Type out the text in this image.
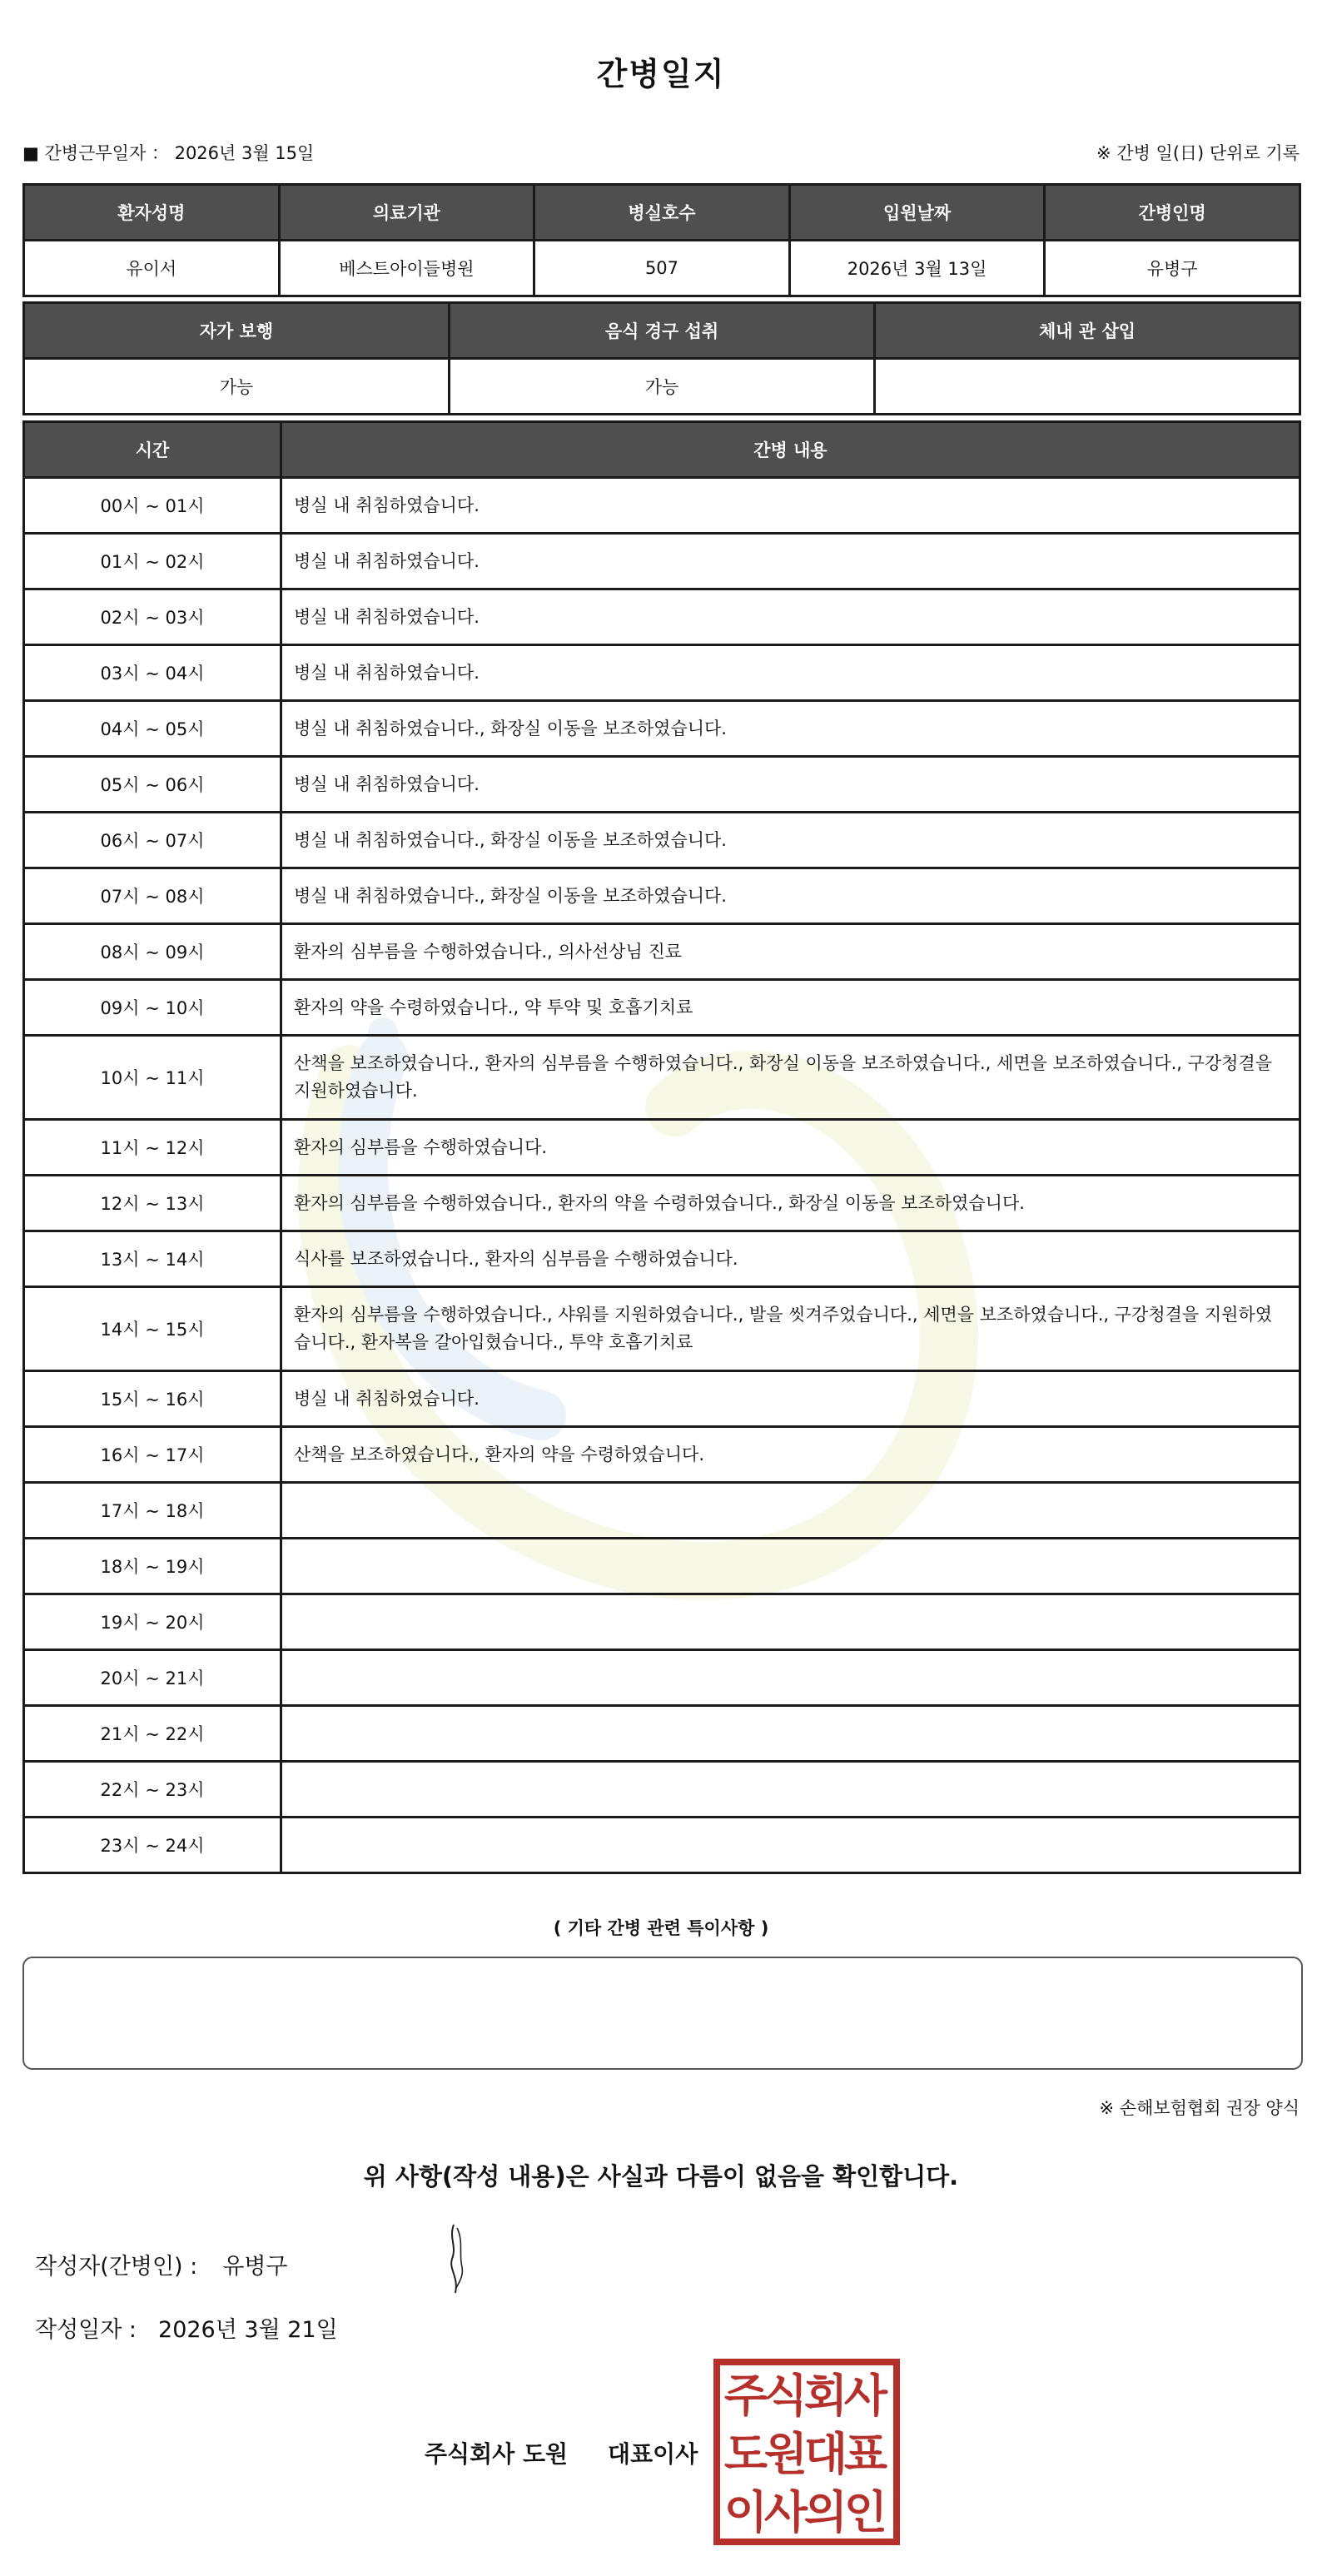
간병일지
■ 간병근무일자 ： 2026년 3월 15일	※ 간병 일(日) 단위로 기록
환자성명	의료기관	병실호수	입원날짜	간병인명
유이서	베스트아이들병원	507	2026년 3월 13일	유병구
자가 보행	음식 경구 섭취	체내 관 삽입
가능	가능	
시간	간병 내용
00시 ~ 01시	병실 내 취침하였습니다.
01시 ~ 02시	병실 내 취침하였습니다.
02시 ~ 03시	병실 내 취침하였습니다.
03시 ~ 04시	병실 내 취침하였습니다.
04시 ~ 05시	병실 내 취침하였습니다., 화장실 이동을 보조하였습니다.
05시 ~ 06시	병실 내 취침하였습니다.
06시 ~ 07시	병실 내 취침하였습니다., 화장실 이동을 보조하였습니다.
07시 ~ 08시	병실 내 취침하였습니다., 화장실 이동을 보조하였습니다.
08시 ~ 09시	환자의 심부름을 수행하였습니다., 의사선상님 진료
09시 ~ 10시	환자의 약을 수령하였습니다., 약 투약 및 호흡기치료
10시 ~ 11시	산책을 보조하였습니다., 환자의 심부름을 수행하였습니다., 화장실 이동을 보조하였습니다., 세면을 보조하였습니다., 구강청결을 지원하였습니다.
11시 ~ 12시	환자의 심부름을 수행하였습니다.
12시 ~ 13시	환자의 심부름을 수행하였습니다., 환자의 약을 수령하였습니다., 화장실 이동을 보조하였습니다.
13시 ~ 14시	식사를 보조하였습니다., 환자의 심부름을 수행하였습니다.
14시 ~ 15시	환자의 심부름을 수행하였습니다., 샤워를 지원하였습니다., 발을 씻겨주었습니다., 세면을 보조하였습니다., 구강청결을 지원하였습니다., 환자복을 갈아입혔습니다., 투약 호흡기치료
15시 ~ 16시	병실 내 취침하였습니다.
16시 ~ 17시	산책을 보조하였습니다., 환자의 약을 수령하였습니다.
17시 ~ 18시	
18시 ~ 19시	
19시 ~ 20시	
20시 ~ 21시	
21시 ~ 22시	
22시 ~ 23시	
23시 ~ 24시	
( 기타 간병 관련 특이사항 )
※ 손해보험협회 권장 양식
위 사항(작성 내용)은 사실과 다름이 없음을 확인합니다.
작성자(간병인) : 유병구
작성일자 : 2026년 3월 21일
주식회사 도원 대표이사
주
식
회
사
도
원
대
표
이
사
의
인
